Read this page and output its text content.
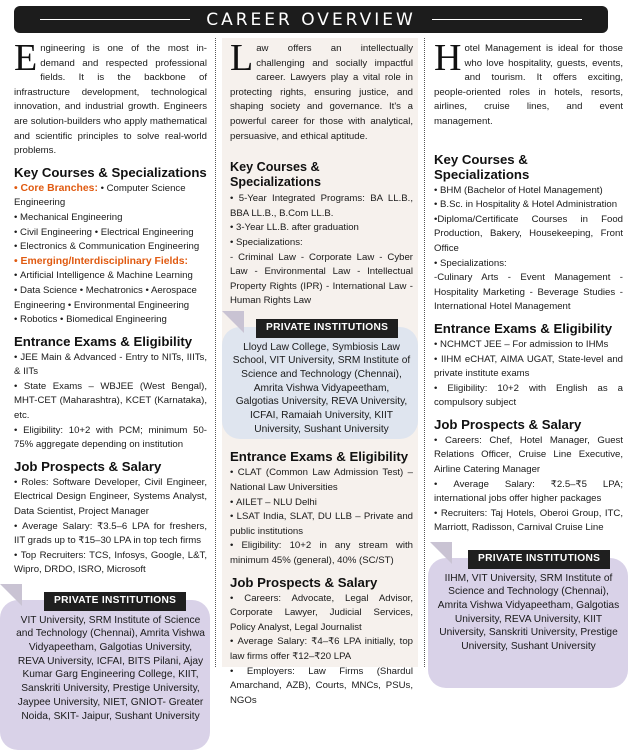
CAREER OVERVIEW
Engineering is one of the most in-demand and respected professional fields. It is the backbone of infrastructure development, technological innovation, and industrial growth. Engineers are solution-builders who apply mathematical and scientific principles to solve real-world problems.
Key Courses & Specializations
• Core Branches: • Computer Science Engineering
• Mechanical Engineering
• Civil Engineering • Electrical Engineering
• Electronics & Communication Engineering
• Emerging/Interdisciplinary Fields:
• Artificial Intelligence & Machine Learning
• Data Science • Mechatronics • Aerospace Engineering • Environmental Engineering
• Robotics • Biomedical Engineering
Entrance Exams & Eligibility
• JEE Main & Advanced - Entry to NITs, IIITs, & IITs
• State Exams – WBJEE (West Bengal), MHT-CET (Maharashtra), KCET (Karnataka), etc.
• Eligibility: 10+2 with PCM; minimum 50-75% aggregate depending on institution
Job Prospects & Salary
• Roles: Software Developer, Civil Engineer, Electrical Design Engineer, Systems Analyst, Data Scientist, Project Manager
• Average Salary: ₹3.5–6 LPA for freshers, IIT grads up to ₹15–30 LPA in top tech firms
• Top Recruiters: TCS, Infosys, Google, L&T, Wipro, DRDO, ISRO, Microsoft
PRIVATE INSTITUTIONS
VIT University, SRM Institute of Science and Technology (Chennai), Amrita Vishwa Vidyapeetham, Galgotias University, REVA University, ICFAI, BITS Pilani, Ajay Kumar Garg Engineering College, KIIT, Sanskriti University, Prestige University, Jaypee University, NIET, GNIOT- Greater Noida, SKIT- Jaipur, Sushant University
Law offers an intellectually challenging and socially impactful career. Lawyers play a vital role in protecting rights, ensuring justice, and shaping society and governance. It's a powerful career for those with analytical, persuasive, and ethical aptitude.
Key Courses & Specializations
• 5-Year Integrated Programs: BA LL.B., BBA LL.B., B.Com LL.B.
• 3-Year LL.B. after graduation
• Specializations:
- Criminal Law - Corporate Law - Cyber Law - Environmental Law - Intellectual Property Rights (IPR) - International Law - Human Rights Law
PRIVATE INSTITUTIONS
Lloyd Law College, Symbiosis Law School, VIT University, SRM Institute of Science and Technology (Chennai), Amrita Vishwa Vidyapeetham, Galgotias University, REVA University, ICFAI, Ramaiah University, KIIT University, Sushant University
Entrance Exams & Eligibility
• CLAT (Common Law Admission Test) – National Law Universities
• AILET – NLU Delhi
• LSAT India, SLAT, DU LLB – Private and public institutions
• Eligibility: 10+2 in any stream with minimum 45% (general), 40% (SC/ST)
Job Prospects & Salary
• Careers: Advocate, Legal Advisor, Corporate Lawyer, Judicial Services, Policy Analyst, Legal Journalist
• Average Salary: ₹4–₹6 LPA initially, top law firms offer ₹12–₹20 LPA
• Employers: Law Firms (Shardul Amarchand, AZB), Courts, MNCs, PSUs, NGOs
Hotel Management is ideal for those who love hospitality, guests, events, and tourism. It offers exciting, people-oriented roles in hotels, resorts, airlines, cruise lines, and event management.
Key Courses & Specializations
• BHM (Bachelor of Hotel Management)
• B.Sc. in Hospitality & Hotel Administration
•Diploma/Certificate Courses in Food Production, Bakery, Housekeeping, Front Office
• Specializations:
-Culinary Arts - Event Management - Hospitality Marketing - Beverage Studies - International Hotel Management
Entrance Exams & Eligibility
• NCHMCT JEE – For admission to IHMs
• IIHM eCHAT, AIMA UGAT, State-level and private institute exams
• Eligibility: 10+2 with English as a compulsory subject
Job Prospects & Salary
• Careers: Chef, Hotel Manager, Guest Relations Officer, Cruise Line Executive, Airline Catering Manager
• Average Salary: ₹2.5–₹5 LPA; international jobs offer higher packages
• Recruiters: Taj Hotels, Oberoi Group, ITC, Marriott, Radisson, Carnival Cruise Line
PRIVATE INSTITUTIONS
IIHM, VIT University, SRM Institute of Science and Technology (Chennai), Amrita Vishwa Vidyapeetham, Galgotias University, REVA University, KIIT University, Sanskriti University, Prestige University, Sushant University
